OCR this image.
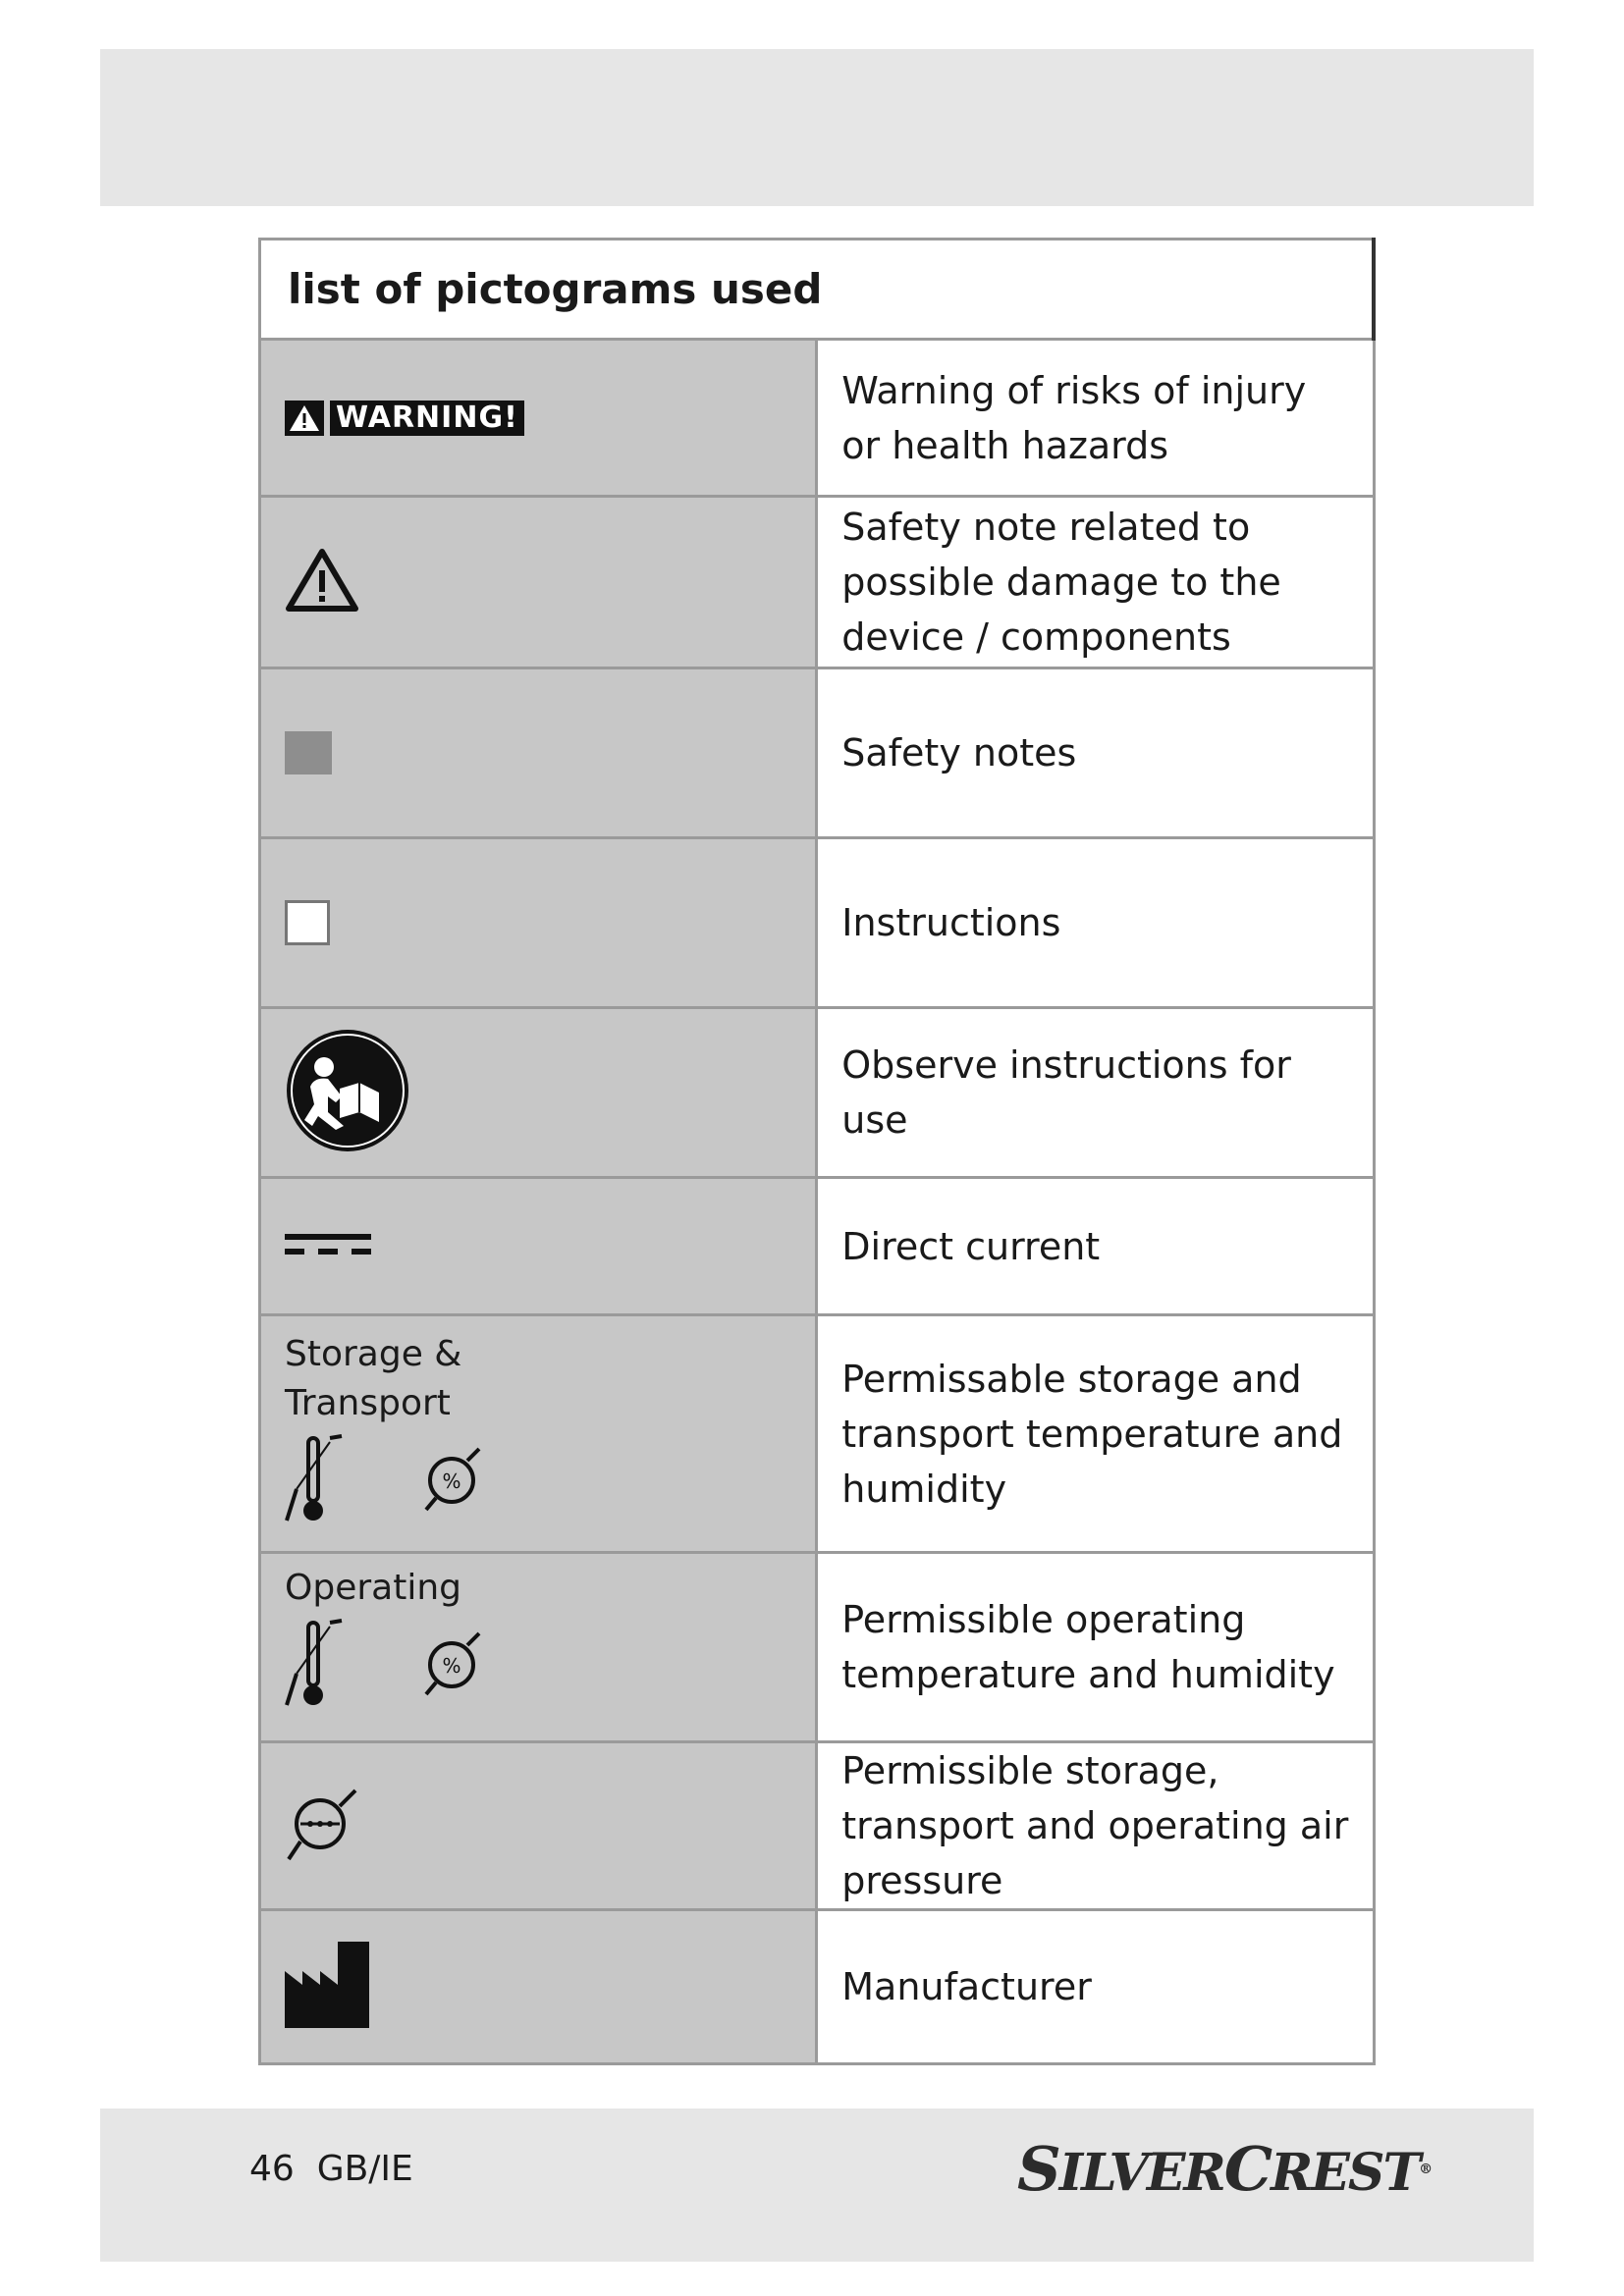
list of pictograms used	

WARNING!	Warning of risks of injury or health hazards
	Safety note related to possible damage to the device / components

	Safety notes

	Instructions
	Observe instructions for use
	Direct current

Storage &
Transport
%	Permissable storage and transport temperature and humidity

Operating
%	Permissible operating temperature and humidity
	Permissible storage, transport and operating air pressure
	Manufacturer
46 GB/IE	SILVERCREST®
